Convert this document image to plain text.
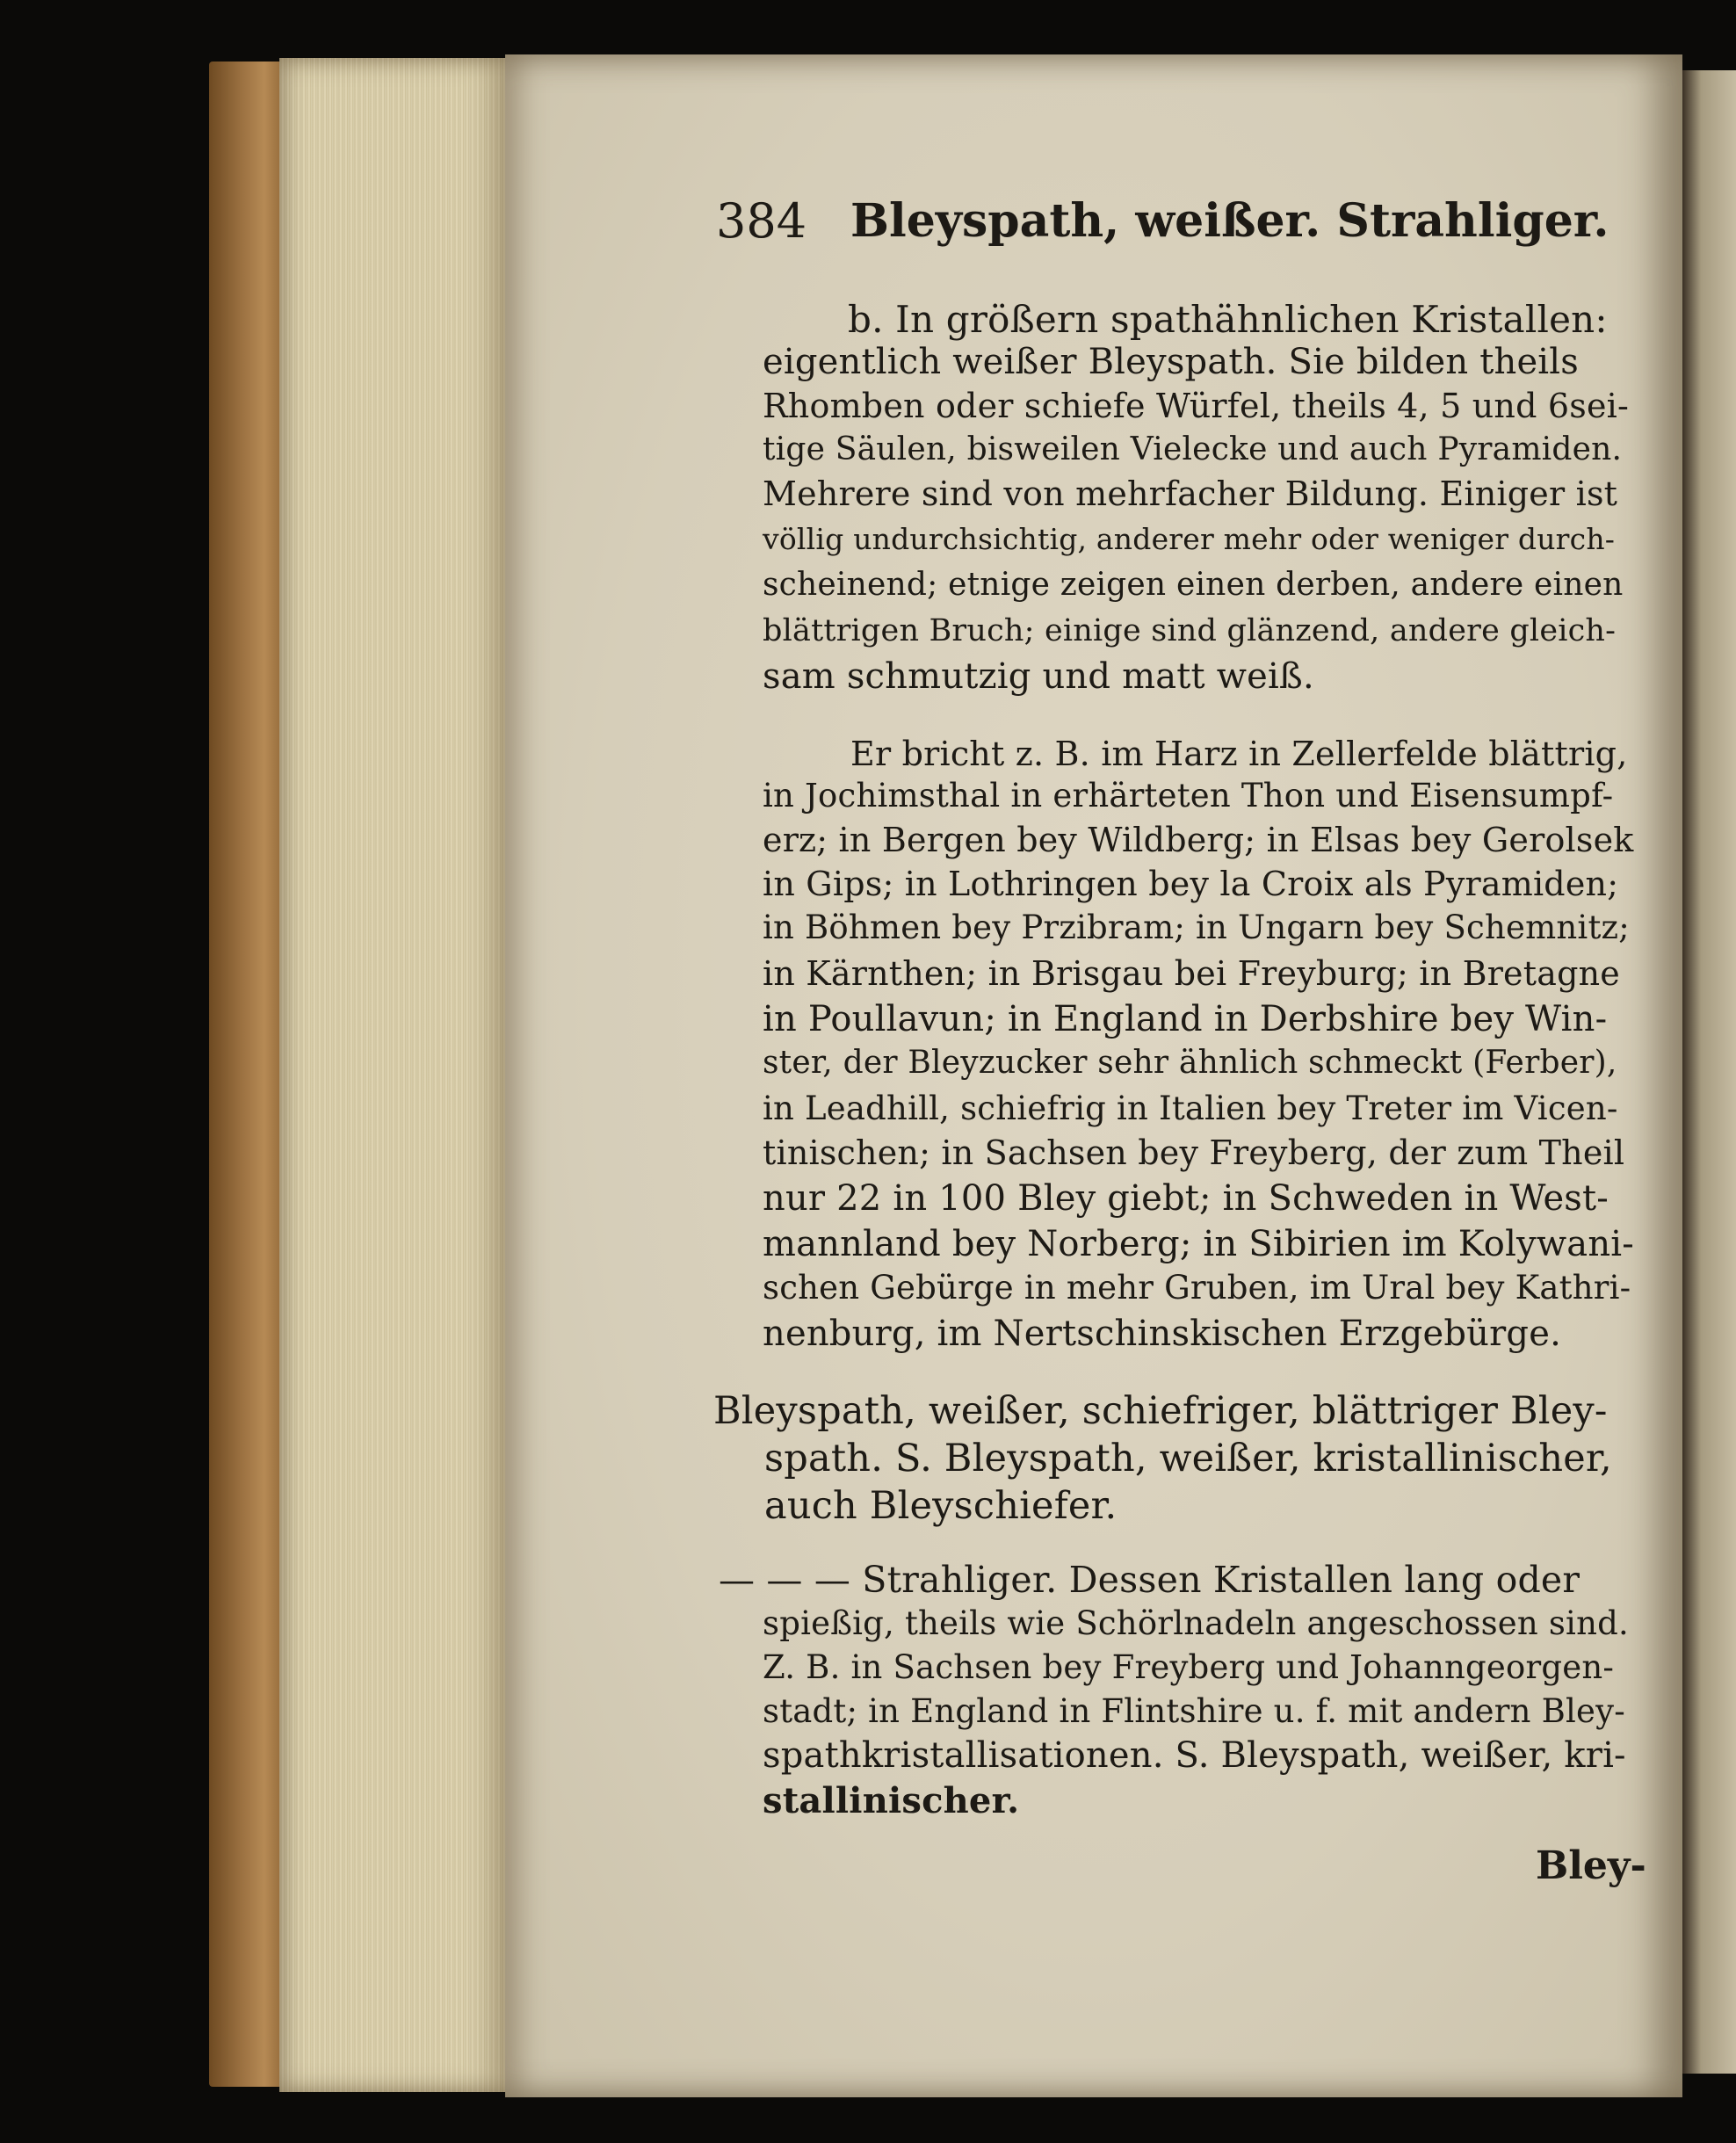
384 Bleyspath, weißer. Strahliger.
b. In größern spathähnlichen Kristallen:
eigentlich weißer Bleyspath. Sie bilden theils
Rhomben oder schiefe Würfel, theils 4, 5 und 6sei-
tige Säulen, bisweilen Vielecke und auch Pyramiden.
Mehrere sind von mehrfacher Bildung. Einiger ist
völlig undurchsichtig, anderer mehr oder weniger durch-
scheinend; etnige zeigen einen derben, andere einen
blättrigen Bruch; einige sind glänzend, andere gleich-
sam schmutzig und matt weiß.
Er bricht z. B. im Harz in Zellerfelde blättrig,
in Jochimsthal in erhärteten Thon und Eisensumpf-
erz; in Bergen bey Wildberg; in Elsas bey Gerolsek
in Gips; in Lothringen bey la Croix als Pyramiden;
in Böhmen bey Przibram; in Ungarn bey Schemnitz;
in Kärnthen; in Brisgau bei Freyburg; in Bretagne
in Poullavun; in England in Derbshire bey Win-
ster, der Bleyzucker sehr ähnlich schmeckt (Ferber),
in Leadhill, schiefrig in Italien bey Treter im Vicen-
tinischen; in Sachsen bey Freyberg, der zum Theil
nur 22 in 100 Bley giebt; in Schweden in West-
mannland bey Norberg; in Sibirien im Kolywani-
schen Gebürge in mehr Gruben, im Ural bey Kathri-
nenburg, im Nertschinskischen Erzgebürge.
Bleyspath, weißer, schiefriger, blättriger Bley-
spath. S. Bleyspath, weißer, kristallinischer,
auch Bleyschiefer.
— — — Strahliger. Dessen Kristallen lang oder
spießig, theils wie Schörlnadeln angeschossen sind.
Z. B. in Sachsen bey Freyberg und Johanngeorgen-
stadt; in England in Flintshire u. f. mit andern Bley-
spathkristallisationen. S. Bleyspath, weißer, kri-
stallinischer.
Bley-
